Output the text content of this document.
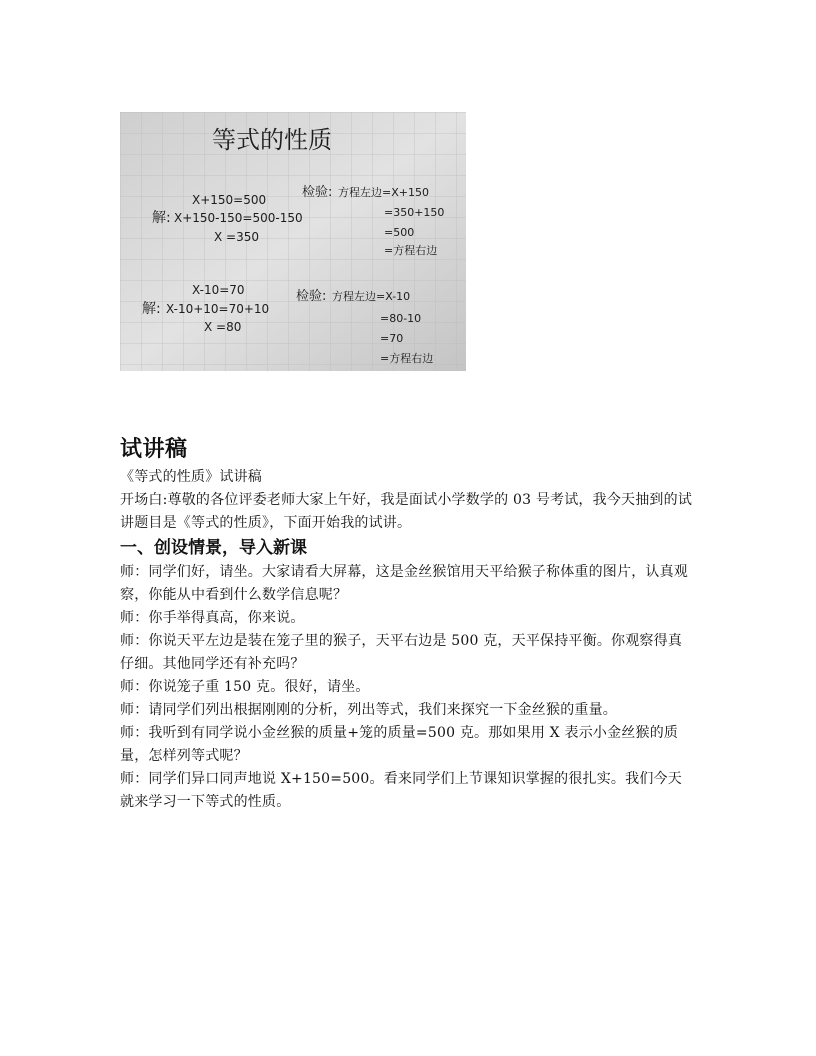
等式的性质
X+150=500
解: X+150-150=500-150
X =350
检验: 方程左边=X+150
=350+150
=500
=方程右边
X-10=70
解: X-10+10=70+10
X =80
检验: 方程左边=X-10
=80-10
=70
=方程右边
试讲稿

《等式的性质》试讲稿

开场白:尊敬的各位评委老师大家上午好，我是面试小学数学的 03 号考试，我今天抽到的试讲题目是《等式的性质》，下面开始我的试讲。

一、创设情景，导入新课

师：同学们好，请坐。大家请看大屏幕，这是金丝猴馆用天平给猴子称体重的图片，认真观察，你能从中看到什么数学信息呢？

师：你手举得真高，你来说。

师：你说天平左边是装在笼子里的猴子，天平右边是 500 克，天平保持平衡。你观察得真仔细。其他同学还有补充吗？

师：你说笼子重 150 克。很好，请坐。

师：请同学们列出根据刚刚的分析，列出等式，我们来探究一下金丝猴的重量。

师：我听到有同学说小金丝猴的质量+笼的质量=500 克。那如果用 X 表示小金丝猴的质量，怎样列等式呢？

师：同学们异口同声地说 X+150=500。看来同学们上节课知识掌握的很扎实。我们今天就来学习一下等式的性质。
